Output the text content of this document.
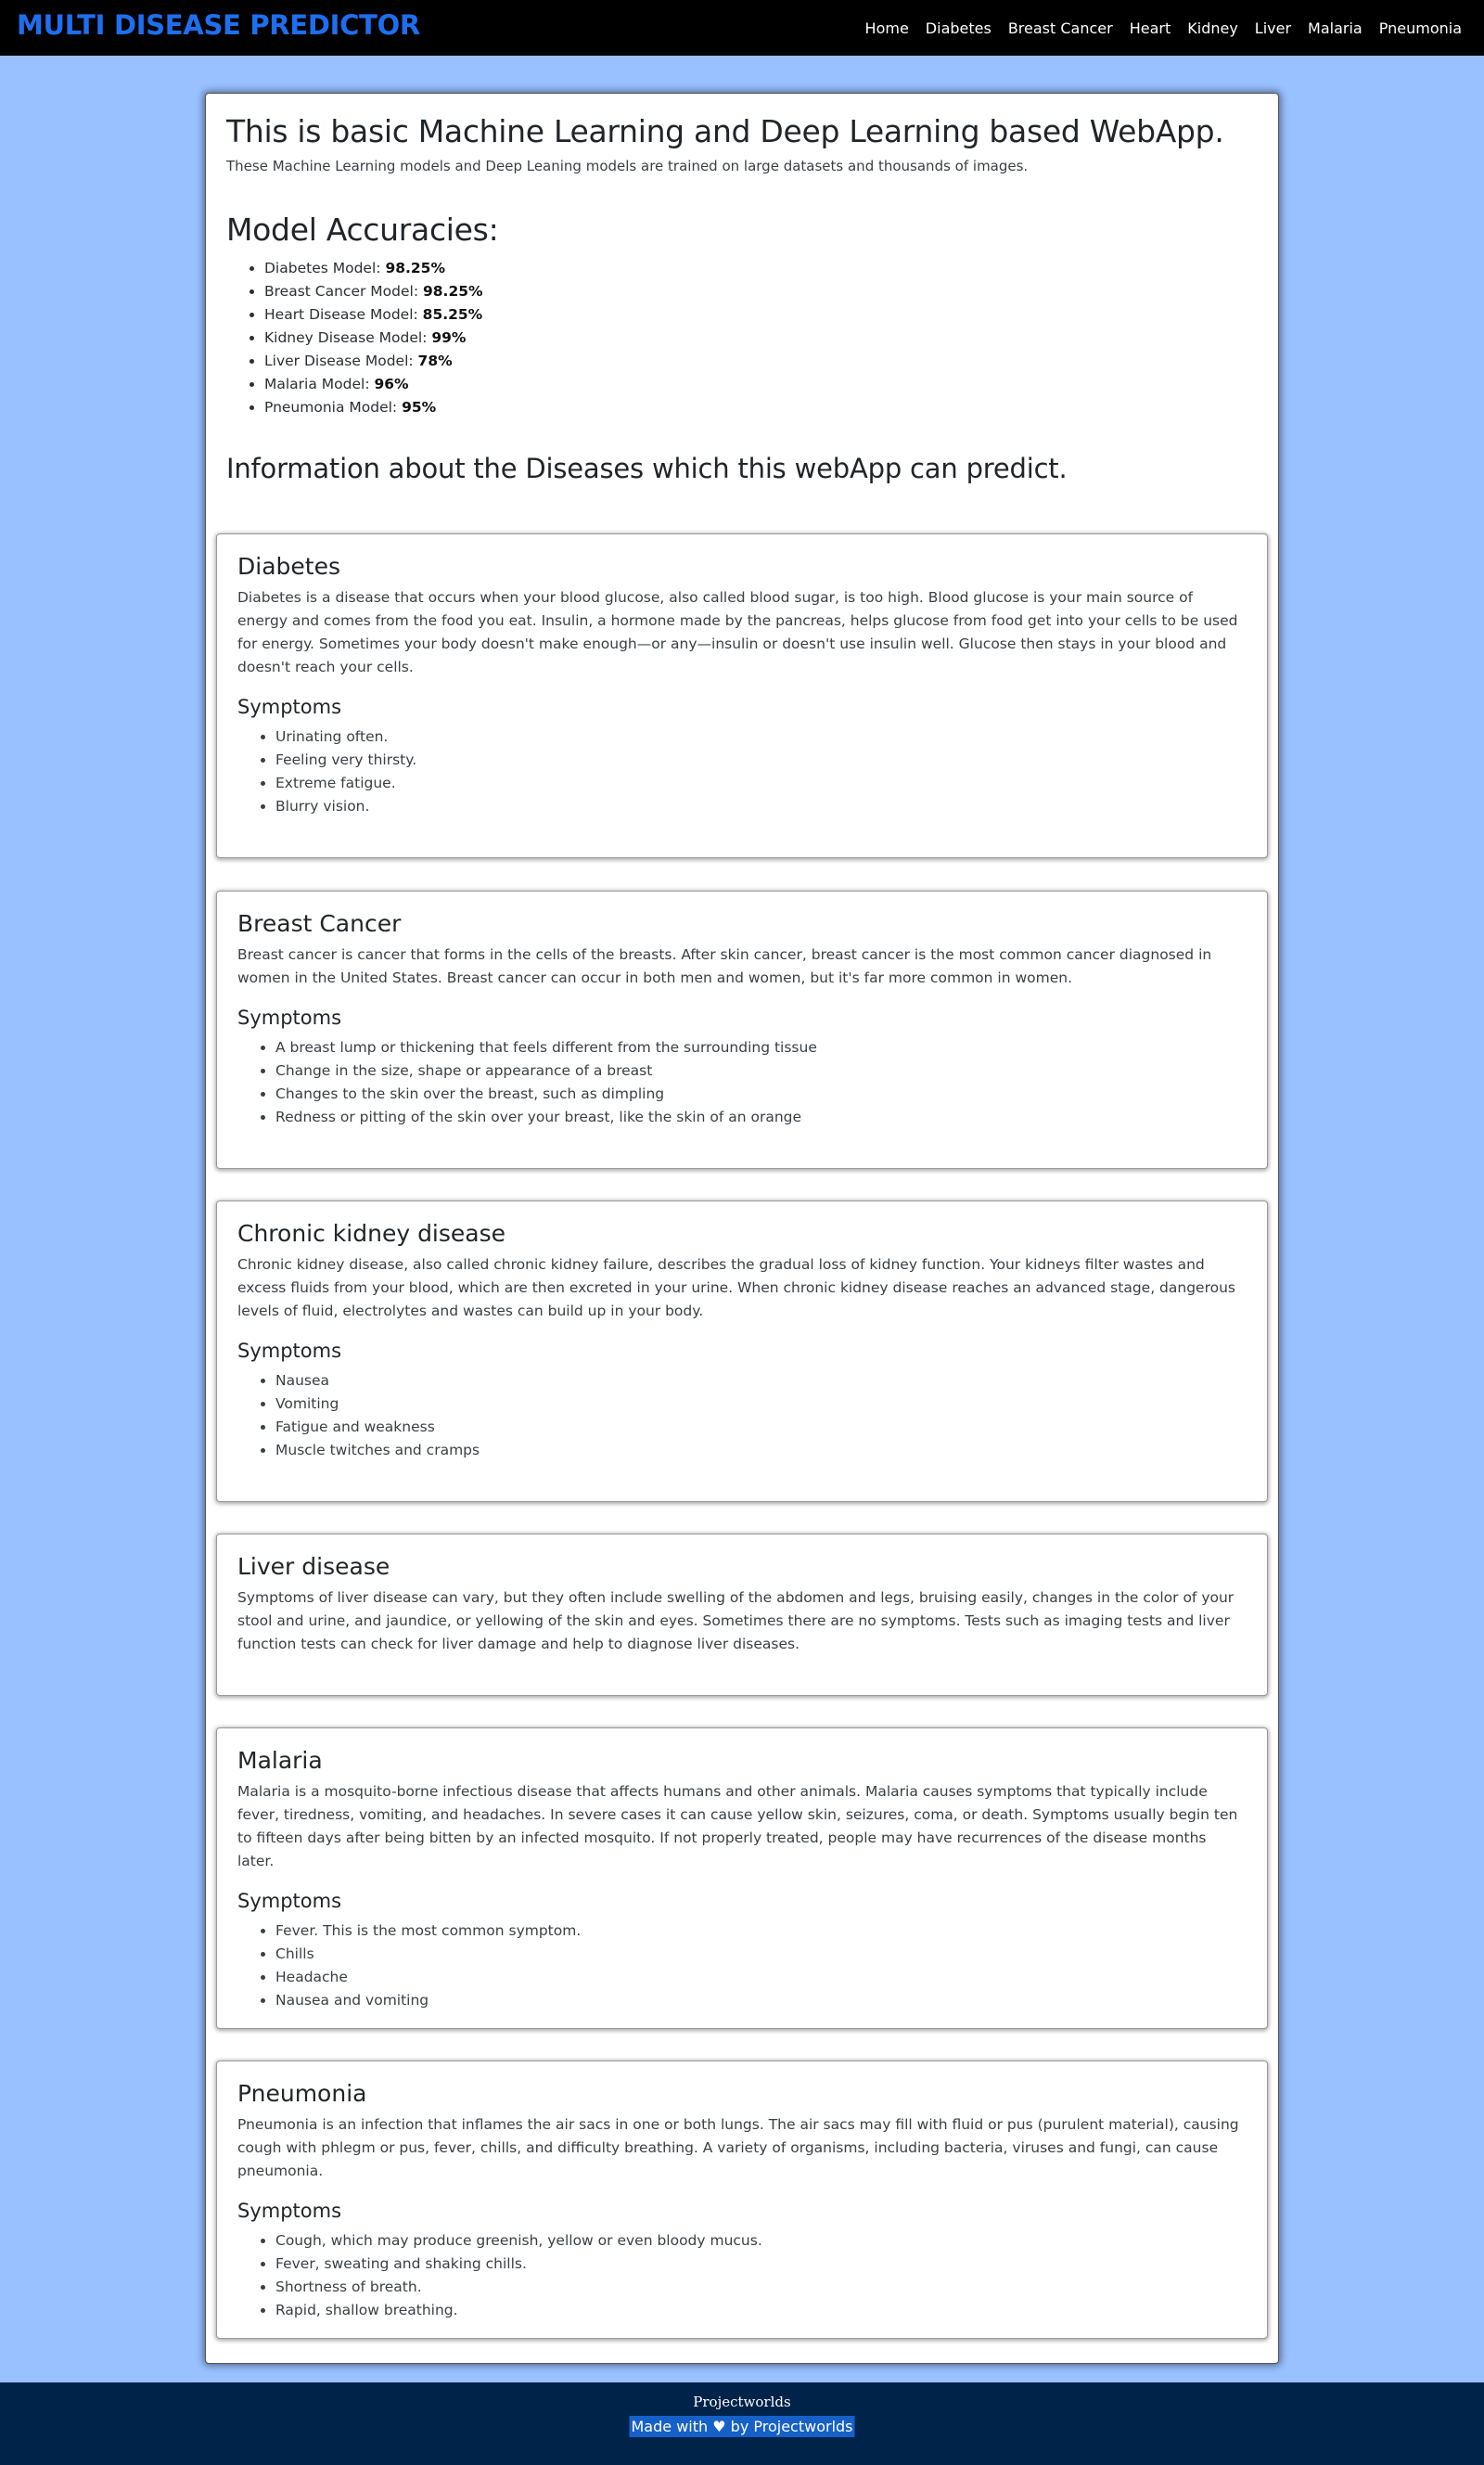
MULTI DISEASE PREDICTOR	Home	Diabetes	Breast Cancer	Heart	Kidney	Liver	Malaria	Pneumonia
This is basic Machine Learning and Deep Learning based WebApp.

These Machine Learning models and Deep Leaning models are trained on large datasets and thousands of images.

Model Accuracies:
• Diabetes Model: 98.25%
• Breast Cancer Model: 98.25%
• Heart Disease Model: 85.25%
• Kidney Disease Model: 99%
• Liver Disease Model: 78%
• Malaria Model: 96%
• Pneumonia Model: 95%
Information about the Diseases which this webApp can predict.
Diabetes

Diabetes is a disease that occurs when your blood glucose, also called blood sugar, is too high. Blood glucose is your main source of energy and comes from the food you eat. Insulin, a hormone made by the pancreas, helps glucose from food get into your cells to be used for energy. Sometimes your body doesn't make enough—or any—insulin or doesn't use insulin well. Glucose then stays in your blood and doesn't reach your cells.

Symptoms
• Urinating often.
• Feeling very thirsty.
• Extreme fatigue.
• Blurry vision.
Breast Cancer

Breast cancer is cancer that forms in the cells of the breasts. After skin cancer, breast cancer is the most common cancer diagnosed in women in the United States. Breast cancer can occur in both men and women, but it's far more common in women.

Symptoms
• A breast lump or thickening that feels different from the surrounding tissue
• Change in the size, shape or appearance of a breast
• Changes to the skin over the breast, such as dimpling
• Redness or pitting of the skin over your breast, like the skin of an orange
Chronic kidney disease

Chronic kidney disease, also called chronic kidney failure, describes the gradual loss of kidney function. Your kidneys filter wastes and excess fluids from your blood, which are then excreted in your urine. When chronic kidney disease reaches an advanced stage, dangerous levels of fluid, electrolytes and wastes can build up in your body.

Symptoms
• Nausea
• Vomiting
• Fatigue and weakness
• Muscle twitches and cramps
Liver disease

Symptoms of liver disease can vary, but they often include swelling of the abdomen and legs, bruising easily, changes in the color of your stool and urine, and jaundice, or yellowing of the skin and eyes. Sometimes there are no symptoms. Tests such as imaging tests and liver function tests can check for liver damage and help to diagnose liver diseases.

Malaria

Malaria is a mosquito-borne infectious disease that affects humans and other animals. Malaria causes symptoms that typically include fever, tiredness, vomiting, and headaches. In severe cases it can cause yellow skin, seizures, coma, or death. Symptoms usually begin ten to fifteen days after being bitten by an infected mosquito. If not properly treated, people may have recurrences of the disease months later.

Symptoms
• Fever. This is the most common symptom.
• Chills
• Headache
• Nausea and vomiting
Pneumonia

Pneumonia is an infection that inflames the air sacs in one or both lungs. The air sacs may fill with fluid or pus (purulent material), causing cough with phlegm or pus, fever, chills, and difficulty breathing. A variety of organisms, including bacteria, viruses and fungi, can cause pneumonia.

Symptoms
• Cough, which may produce greenish, yellow or even bloody mucus.
• Fever, sweating and shaking chills.
• Shortness of breath.
• Rapid, shallow breathing.
Projectworlds
Made with ♥ by Projectworlds
